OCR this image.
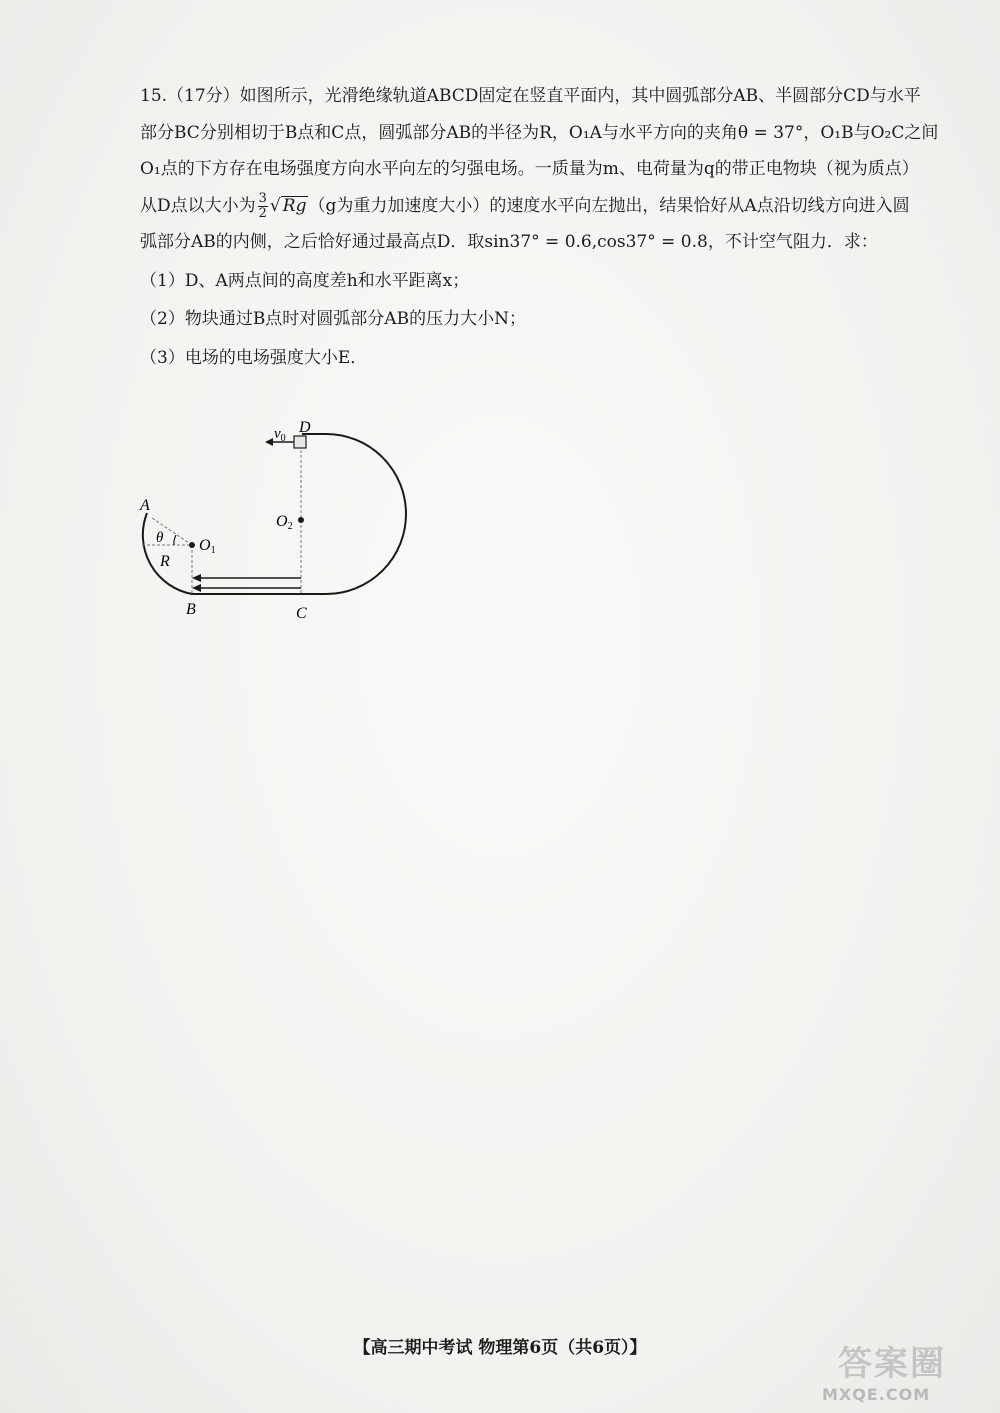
15.（17分）如图所示，光滑绝缘轨道ABCD固定在竖直平面内，其中圆弧部分AB、半圆部分CD与水平

部分BC分别相切于B点和C点，圆弧部分AB的半径为R，O₁A与水平方向的夹角θ = 37°，O₁B与O₂C之间

O₁点的下方存在电场强度方向水平向左的匀强电场。一质量为m、电荷量为q的带正电物块（视为质点）

从D点以大小为 $\frac{3}{2}$ √ Rg （g为重力加速度大小）的速度水平向左抛出，结果恰好从A点沿切线方向进入圆

弧部分AB的内侧，之后恰好通过最高点D．取sin37° = 0.6,cos37° = 0.8，不计空气阻力．求：

（1）D、A两点间的高度差h和水平距离x；

（2）物块通过B点时对圆弧部分AB的压力大小N；

（3）电场的电场强度大小E．

D
$v_0$
O2
A
θ O1
R
B	C
【高三期中考试 物理第6页（共6页）】	答案圈
MXQE.COM
